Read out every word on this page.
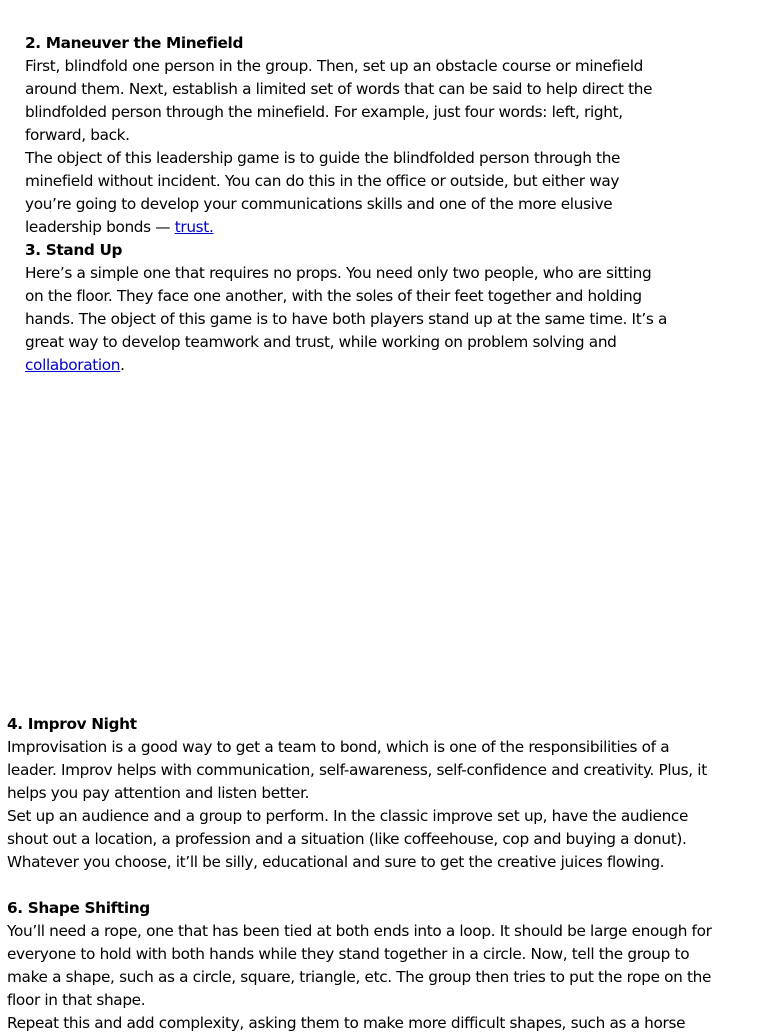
2. Maneuver the Minefield
First, blindfold one person in the group. Then, set up an obstacle course or minefield
around them. Next, establish a limited set of words that can be said to help direct the
blindfolded person through the minefield. For example, just four words: left, right,
forward, back.
The object of this leadership game is to guide the blindfolded person through the
minefield without incident. You can do this in the office or outside, but either way
you’re going to develop your communications skills and one of the more elusive
leadership bonds — trust.
3. Stand Up
Here’s a simple one that requires no props. You need only two people, who are sitting
on the floor. They face one another, with the soles of their feet together and holding
hands. The object of this game is to have both players stand up at the same time. It’s a
great way to develop teamwork and trust, while working on problem solving and
collaboration.
4. Improv Night
Improvisation is a good way to get a team to bond, which is one of the responsibilities of a
leader. Improv helps with communication, self-awareness, self-confidence and creativity. Plus, it
helps you pay attention and listen better.
Set up an audience and a group to perform. In the classic improve set up, have the audience
shout out a location, a profession and a situation (like coffeehouse, cop and buying a donut).
Whatever you choose, it’ll be silly, educational and sure to get the creative juices flowing.
6. Shape Shifting
You’ll need a rope, one that has been tied at both ends into a loop. It should be large enough for
everyone to hold with both hands while they stand together in a circle. Now, tell the group to
make a shape, such as a circle, square, triangle, etc. The group then tries to put the rope on the
floor in that shape.
Repeat this and add complexity, asking them to make more difficult shapes, such as a horse
